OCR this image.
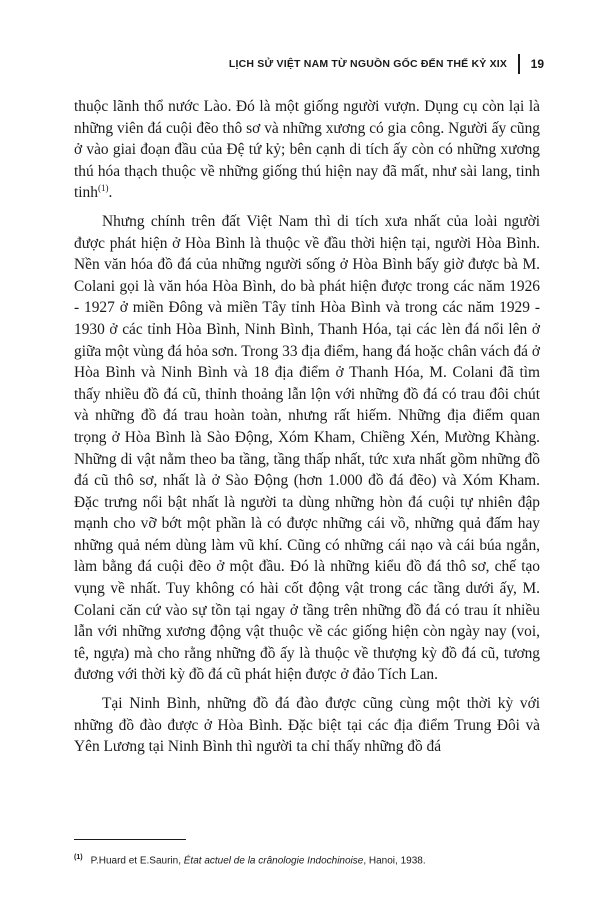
LỊCH SỬ VIỆT NAM TỪ NGUỒN GỐC ĐẾN THẾ KỶ XIX 19

thuộc lãnh thổ nước Lào. Đó là một giống người vượn. Dụng cụ còn lại là những viên đá cuội đẽo thô sơ và những xương có gia công. Người ấy cũng ở vào giai đoạn đầu của Đệ tứ kỷ; bên cạnh di tích ấy còn có những xương thú hóa thạch thuộc về những giống thú hiện nay đã mất, như sài lang, tinh tinh$^{(1)}$.

Nhưng chính trên đất Việt Nam thì di tích xưa nhất của loài người được phát hiện ở Hòa Bình là thuộc về đầu thời hiện tại, người Hòa Bình. Nền văn hóa đồ đá của những người sống ở Hòa Bình bấy giờ được bà M. Colani gọi là văn hóa Hòa Bình, do bà phát hiện được trong các năm 1926 - 1927 ở miền Đông và miền Tây tỉnh Hòa Bình và trong các năm 1929 - 1930 ở các tỉnh Hòa Bình, Ninh Bình, Thanh Hóa, tại các lèn đá nổi lên ở giữa một vùng đá hỏa sơn. Trong 33 địa điểm, hang đá hoặc chân vách đá ở Hòa Bình và Ninh Bình và 18 địa điểm ở Thanh Hóa, M. Colani đã tìm thấy nhiều đồ đá cũ, thỉnh thoảng lẫn lộn với những đồ đá có trau đôi chút và những đồ đá trau hoàn toàn, nhưng rất hiếm. Những địa điểm quan trọng ở Hòa Bình là Sào Động, Xóm Kham, Chiềng Xén, Mường Khàng. Những di vật nằm theo ba tầng, tầng thấp nhất, tức xưa nhất gồm những đồ đá cũ thô sơ, nhất là ở Sào Động (hơn 1.000 đồ đá đẽo) và Xóm Kham. Đặc trưng nổi bật nhất là người ta dùng những hòn đá cuội tự nhiên đập mạnh cho vỡ bớt một phần là có được những cái vồ, những quả đấm hay những quả ném dùng làm vũ khí. Cũng có những cái nạo và cái búa ngắn, làm bằng đá cuội đẽo ở một đầu. Đó là những kiểu đồ đá thô sơ, chế tạo vụng về nhất. Tuy không có hài cốt động vật trong các tầng dưới ấy, M. Colani căn cứ vào sự tồn tại ngay ở tầng trên những đồ đá có trau ít nhiều lẫn với những xương động vật thuộc về các giống hiện còn ngày nay (voi, tê, ngựa) mà cho rằng những đồ ấy là thuộc về thượng kỳ đồ đá cũ, tương đương với thời kỳ đồ đá cũ phát hiện được ở đảo Tích Lan.

Tại Ninh Bình, những đồ đá đào được cũng cùng một thời kỳ với những đồ đào được ở Hòa Bình. Đặc biệt tại các địa điểm Trung Đôi và Yên Lương tại Ninh Bình thì người ta chỉ thấy những đồ đá

$^{(1)}$ P.Huard et E.Saurin, État actuel de la crânologie Indochinoise, Hanoi, 1938.
